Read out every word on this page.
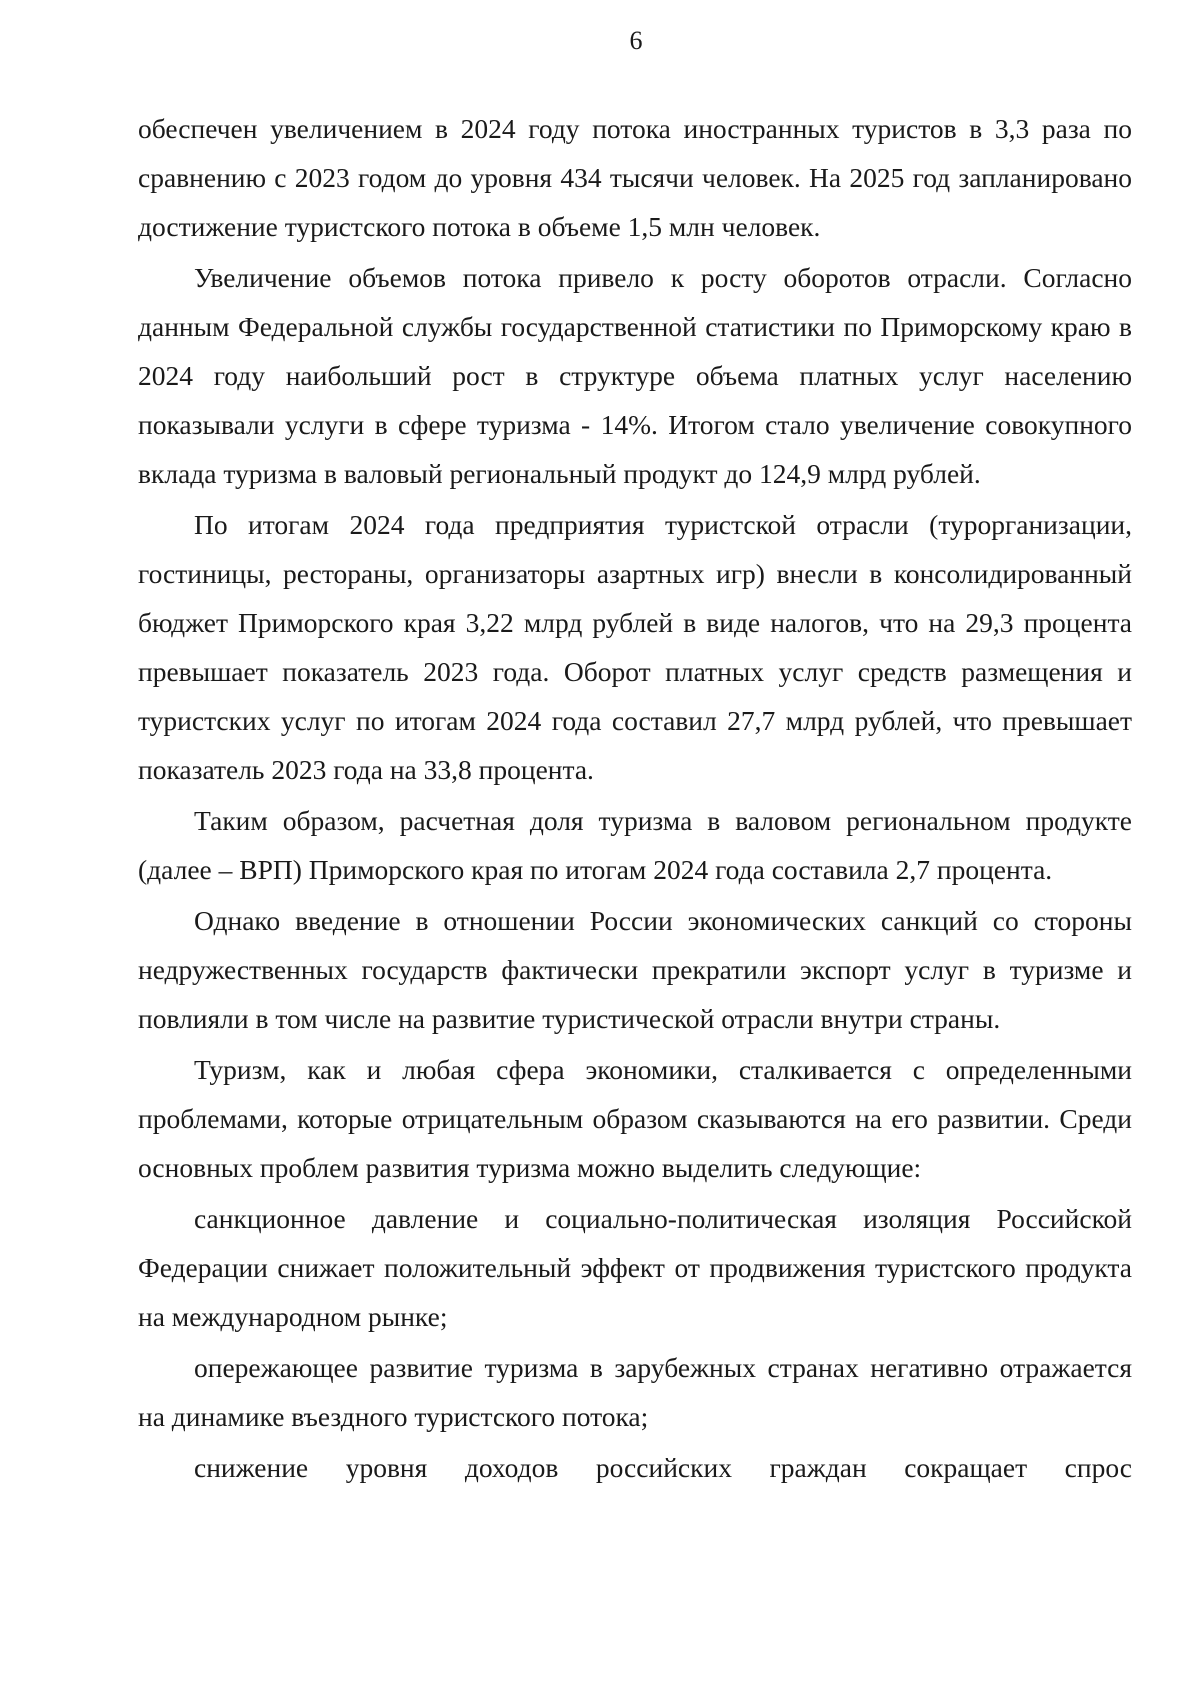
6

обеспечен увеличением в 2024 году потока иностранных туристов в 3,3 раза по сравнению с 2023 годом до уровня 434 тысячи человек. На 2025 год запланировано достижение туристского потока в объеме 1,5 млн человек.

Увеличение объемов потока привело к росту оборотов отрасли. Согласно данным Федеральной службы государственной статистики по Приморскому краю в 2024 году наибольший рост в структуре объема платных услуг населению показывали услуги в сфере туризма - 14%. Итогом стало увеличение совокупного вклада туризма в валовый региональный продукт до 124,9 млрд рублей.

По итогам 2024 года предприятия туристской отрасли (турорганизации, гостиницы, рестораны, организаторы азартных игр) внесли в консолидированный бюджет Приморского края 3,22 млрд рублей в виде налогов, что на 29,3 процента превышает показатель 2023 года. Оборот платных услуг средств размещения и туристских услуг по итогам 2024 года составил 27,7 млрд рублей, что превышает показатель 2023 года на 33,8 процента.

Таким образом, расчетная доля туризма в валовом региональном продукте (далее – ВРП) Приморского края по итогам 2024 года составила 2,7 процента.

Однако введение в отношении России экономических санкций со стороны недружественных государств фактически прекратили экспорт услуг в туризме и повлияли в том числе на развитие туристической отрасли внутри страны.

Туризм, как и любая сфера экономики, сталкивается с определенными проблемами, которые отрицательным образом сказываются на его развитии. Среди основных проблем развития туризма можно выделить следующие:

санкционное давление и социально-политическая изоляция Российской Федерации снижает положительный эффект от продвижения туристского продукта на международном рынке;

опережающее развитие туризма в зарубежных странах негативно отражается на динамике въездного туристского потока;

снижение уровня доходов российских граждан сокращает спрос
